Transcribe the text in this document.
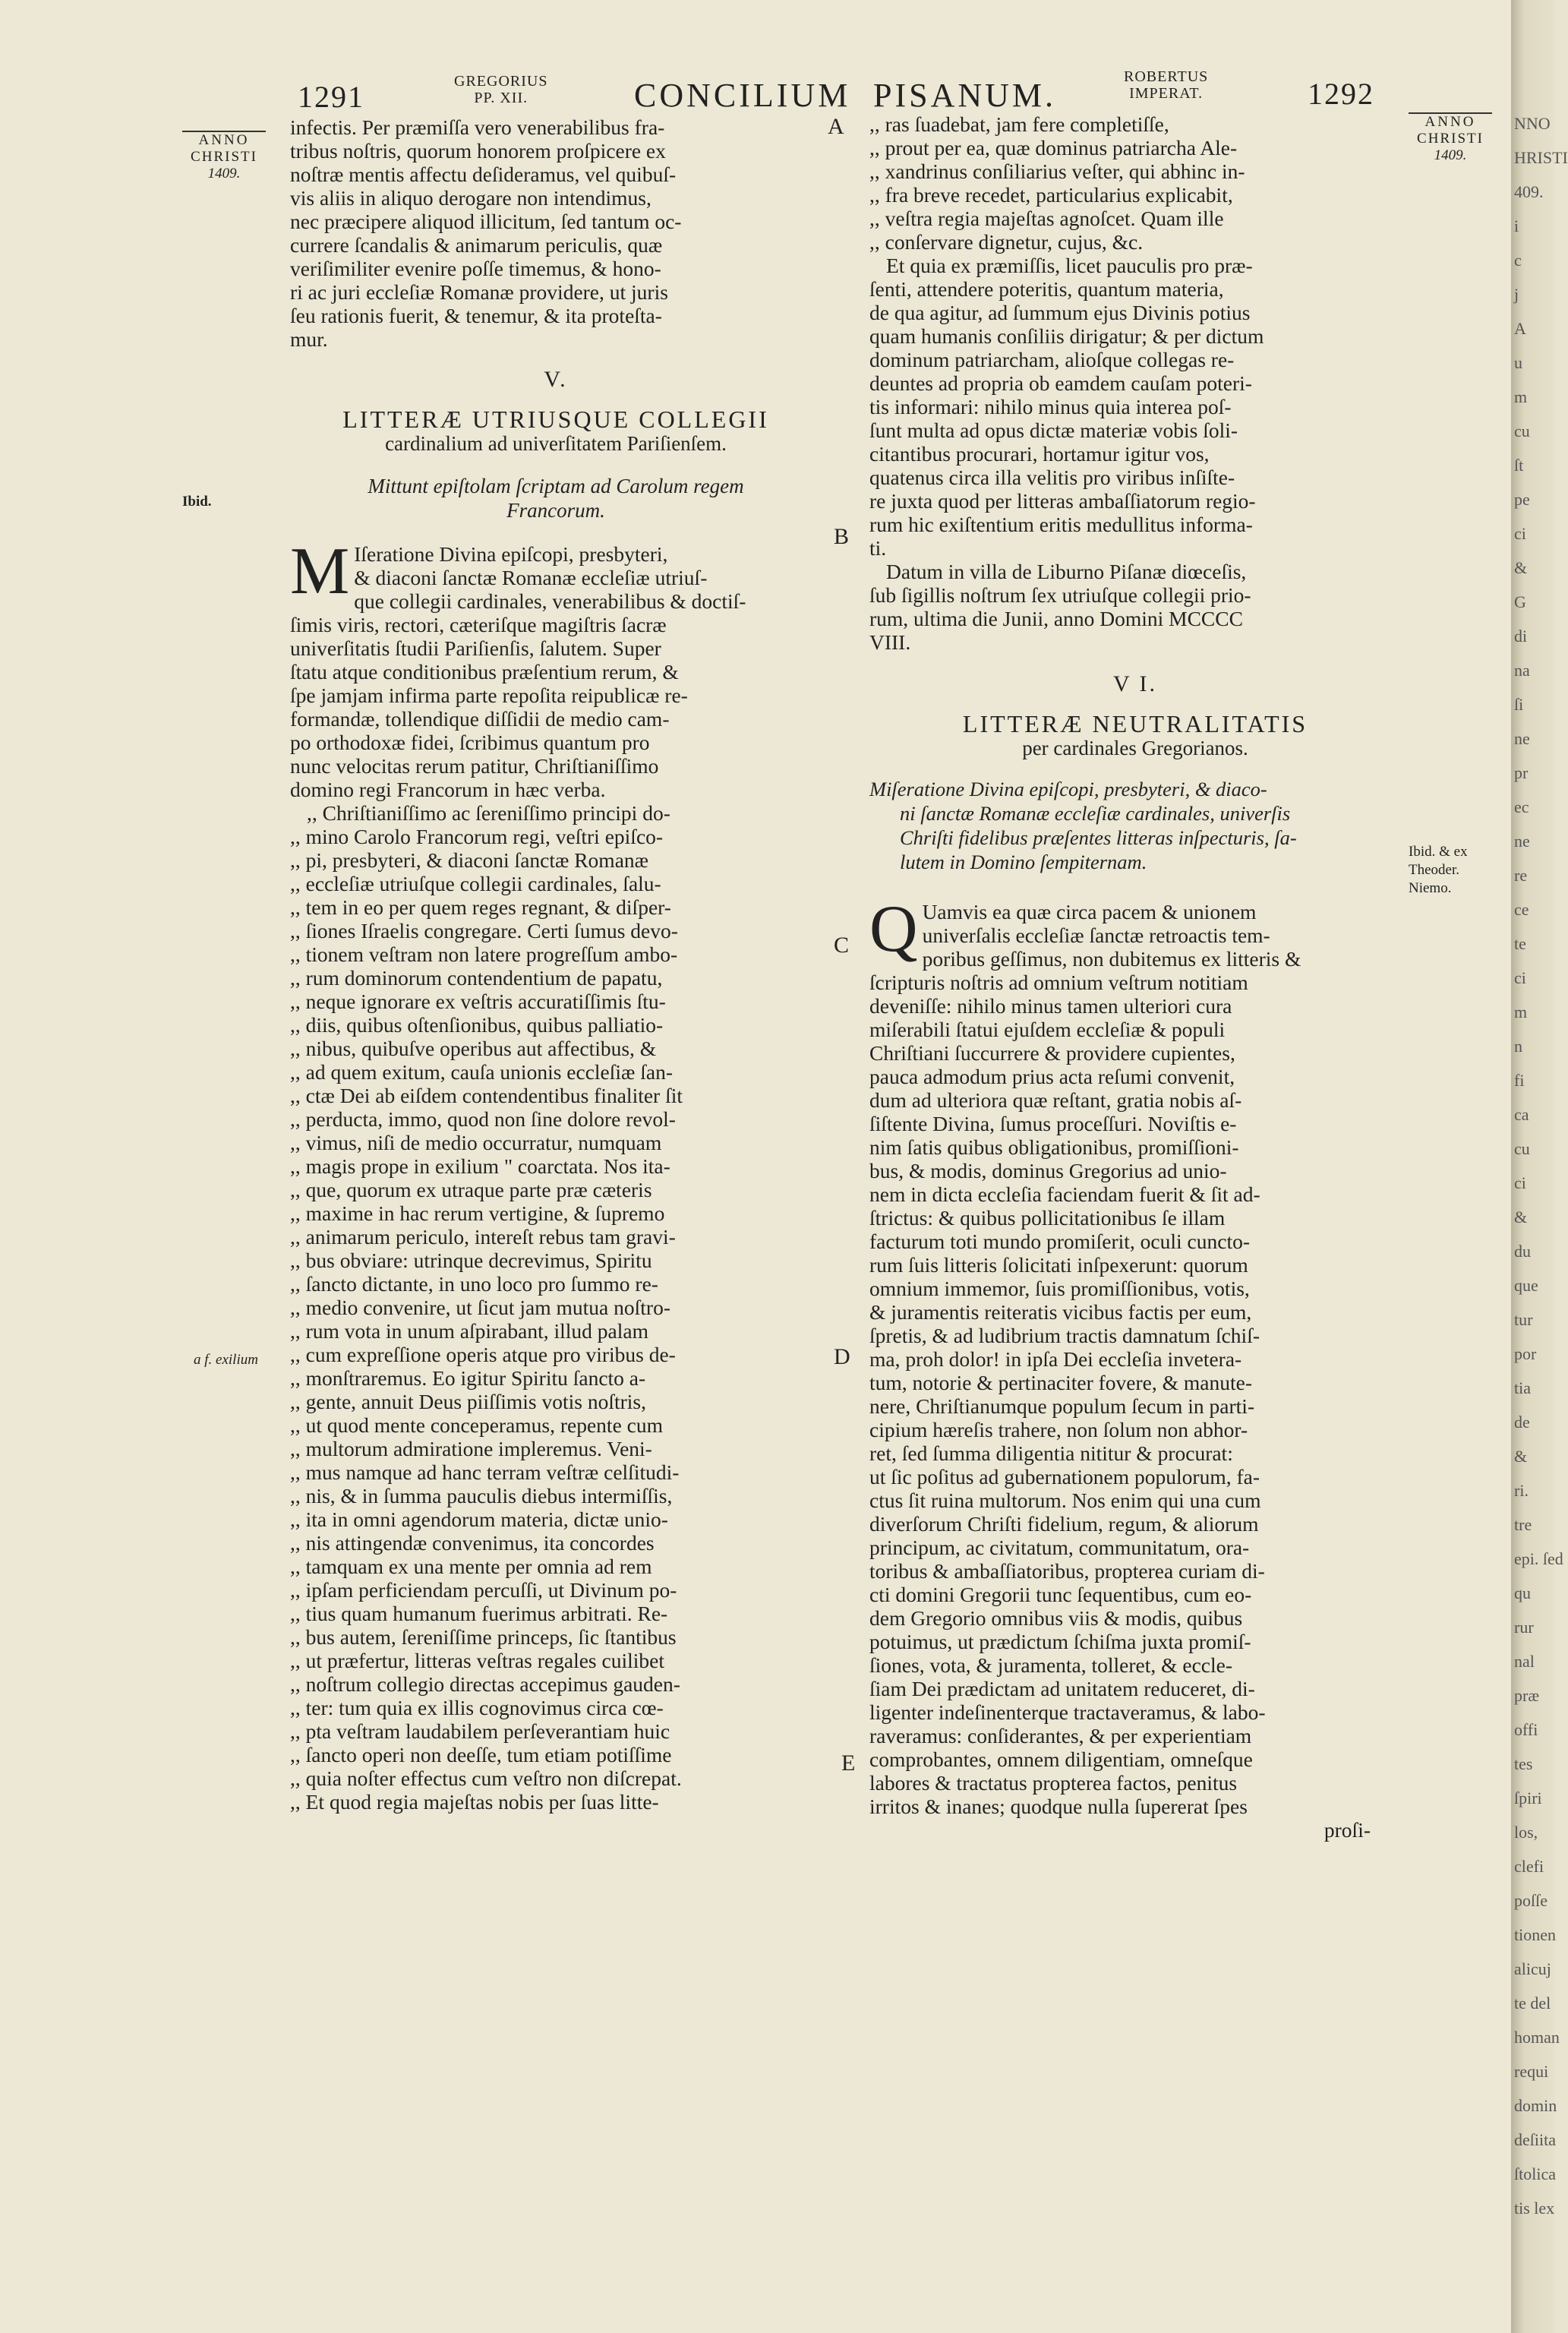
1291	GREGORIUS
PP. XII.	CONCILIUM PISANUM.	ROBERTUS
IMPERAT.	1292
ANNO
CHRISTI
1409.
Ibid.
a f. exilium
ANNO
CHRISTI
1409.
Ibid. & ex
Theoder.
Niemo.
A
B
C
D
E
infectis. Per præmiſſa vero venerabilibus fra-
tribus noſtris, quorum honorem proſpicere ex
noſtræ mentis affectu deſideramus, vel quibuſ-
vis aliis in aliquo derogare non intendimus,
nec præcipere aliquod illicitum, ſed tantum oc-
currere ſcandalis & animarum periculis, quæ
veriſimiliter evenire poſſe timemus, & hono-
ri ac juri eccleſiæ Romanæ providere, ut juris
ſeu rationis fuerit, & tenemur, & ita proteſta-
mur.
V.
LITTERÆ UTRIUSQUE COLLEGII
cardinalium ad univerſitatem Pariſienſem.
Mittunt epiſtolam ſcriptam ad Carolum regem
Francorum.
M Iſeratione Divina epiſcopi, presbyteri,
& diaconi ſanctæ Romanæ eccleſiæ utriuſ-
que collegii cardinales, venerabilibus & doctiſ-
ſimis viris, rectori, cæteriſque magiſtris ſacræ
univerſitatis ſtudii Pariſienſis, ſalutem. Super
ſtatu atque conditionibus præſentium rerum, &
ſpe jamjam infirma parte repoſita reipublicæ re-
formandæ, tollendique diſſidii de medio cam-
po orthodoxæ fidei, ſcribimus quantum pro
nunc velocitas rerum patitur, Chriſtianiſſimo
domino regi Francorum in hæc verba.
,, Chriſtianiſſimo ac ſereniſſimo principi do-
,, mino Carolo Francorum regi, veſtri epiſco-
,, pi, presbyteri, & diaconi ſanctæ Romanæ
,, eccleſiæ utriuſque collegii cardinales, ſalu-
,, tem in eo per quem reges regnant, & diſper-
,, ſiones Iſraelis congregare. Certi ſumus devo-
,, tionem veſtram non latere progreſſum ambo-
,, rum dominorum contendentium de papatu,
,, neque ignorare ex veſtris accuratiſſimis ſtu-
,, diis, quibus oſtenſionibus, quibus palliatio-
,, nibus, quibuſve operibus aut affectibus, &
,, ad quem exitum, cauſa unionis eccleſiæ ſan-
,, ctæ Dei ab eiſdem contendentibus finaliter ſit
,, perducta, immo, quod non ſine dolore revol-
,, vimus, niſi de medio occurratur, numquam
,, magis prope in exilium " coarctata. Nos ita-
,, que, quorum ex utraque parte præ cæteris
,, maxime in hac rerum vertigine, & ſupremo
,, animarum periculo, intereſt rebus tam gravi-
,, bus obviare: utrinque decrevimus, Spiritu
,, ſancto dictante, in uno loco pro ſummo re-
,, medio convenire, ut ſicut jam mutua noſtro-
,, rum vota in unum aſpirabant, illud palam
,, cum expreſſione operis atque pro viribus de-
,, monſtraremus. Eo igitur Spiritu ſancto a-
,, gente, annuit Deus piiſſimis votis noſtris,
,, ut quod mente conceperamus, repente cum
,, multorum admiratione impleremus. Veni-
,, mus namque ad hanc terram veſtræ celſitudi-
,, nis, & in ſumma pauculis diebus intermiſſis,
,, ita in omni agendorum materia, dictæ unio-
,, nis attingendæ convenimus, ita concordes
,, tamquam ex una mente per omnia ad rem
,, ipſam perficiendam percuſſi, ut Divinum po-
,, tius quam humanum fuerimus arbitrati. Re-
,, bus autem, ſereniſſime princeps, ſic ſtantibus
,, ut præfertur, litteras veſtras regales cuilibet
,, noſtrum collegio directas accepimus gauden-
,, ter: tum quia ex illis cognovimus circa cœ-
,, pta veſtram laudabilem perſeverantiam huic
,, ſancto operi non deeſſe, tum etiam potiſſime
,, quia noſter effectus cum veſtro non diſcrepat.
,, Et quod regia majeſtas nobis per ſuas litte-
,, ras ſuadebat, jam fere completiſſe,
,, prout per ea, quæ dominus patriarcha Ale-
,, xandrinus conſiliarius veſter, qui abhinc in-
,, fra breve recedet, particularius explicabit,
,, veſtra regia majeſtas agnoſcet. Quam ille
,, conſervare dignetur, cujus, &c.
Et quia ex præmiſſis, licet pauculis pro præ-
ſenti, attendere poteritis, quantum materia,
de qua agitur, ad ſummum ejus Divinis potius
quam humanis conſiliis dirigatur; & per dictum
dominum patriarcham, alioſque collegas re-
deuntes ad propria ob eamdem cauſam poteri-
tis informari: nihilo minus quia interea poſ-
ſunt multa ad opus dictæ materiæ vobis ſoli-
citantibus procurari, hortamur igitur vos,
quatenus circa illa velitis pro viribus inſiſte-
re juxta quod per litteras ambaſſiatorum regio-
rum hic exiſtentium eritis medullitus informa-
ti.
Datum in villa de Liburno Piſanæ diœceſis,
ſub ſigillis noſtrum ſex utriuſque collegii prio-
rum, ultima die Junii, anno Domini MCCCC
VIII.
V I.
LITTERÆ NEUTRALITATIS
per cardinales Gregorianos.
Miſeratione Divina epiſcopi, presbyteri, & diaco-
ni ſanctæ Romanæ eccleſiæ cardinales, univerſis
Chriſti fidelibus præſentes litteras inſpecturis, ſa-
lutem in Domino ſempiternam.
Q Uamvis ea quæ circa pacem & unionem
univerſalis eccleſiæ ſanctæ retroactis tem-
poribus geſſimus, non dubitemus ex litteris &
ſcripturis noſtris ad omnium veſtrum notitiam
deveniſſe: nihilo minus tamen ulteriori cura
miſerabili ſtatui ejuſdem eccleſiæ & populi
Chriſtiani ſuccurrere & providere cupientes,
pauca admodum prius acta reſumi convenit,
dum ad ulteriora quæ reſtant, gratia nobis aſ-
ſiſtente Divina, ſumus proceſſuri. Noviſtis e-
nim ſatis quibus obligationibus, promiſſioni-
bus, & modis, dominus Gregorius ad unio-
nem in dicta eccleſia faciendam fuerit & ſit ad-
ſtrictus: & quibus pollicitationibus ſe illam
facturum toti mundo promiſerit, oculi cuncto-
rum ſuis litteris ſolicitati inſpexerunt: quorum
omnium immemor, ſuis promiſſionibus, votis,
& juramentis reiteratis vicibus factis per eum,
ſpretis, & ad ludibrium tractis damnatum ſchiſ-
ma, proh dolor! in ipſa Dei eccleſia invetera-
tum, notorie & pertinaciter fovere, & manute-
nere, Chriſtianumque populum ſecum in parti-
cipium hæreſis trahere, non ſolum non abhor-
ret, ſed ſumma diligentia nititur & procurat:
ut ſic poſitus ad gubernationem populorum, fa-
ctus ſit ruina multorum. Nos enim qui una cum
diverſorum Chriſti fidelium, regum, & aliorum
principum, ac civitatum, communitatum, ora-
toribus & ambaſſiatoribus, propterea curiam di-
cti domini Gregorii tunc ſequentibus, cum eo-
dem Gregorio omnibus viis & modis, quibus
potuimus, ut prædictum ſchiſma juxta promiſ-
ſiones, vota, & juramenta, tolleret, & eccle-
ſiam Dei prædictam ad unitatem reduceret, di-
ligenter indeſinenterque tractaveramus, & labo-
raveramus: conſiderantes, & per experientiam
comprobantes, omnem diligentiam, omneſque
labores & tractatus propterea factos, penitus
irritos & inanes; quodque nulla ſupererat ſpes
proſi-
NNO
HRISTI
409.
i
c
j
A
u
m
cu
ſt
pe
ci
&
G
di
na
ſi
ne
pr
ec
ne
re
ce
te
ci
m
n
fi
ca
cu
ci
&
du
que
tur
por
tia
de
&
ri.
tre
epi. ſed
qu
rur
nal
præ
offi
tes
ſpiri
los,
clefi
poſſe
tionen
alicuj
te del
homan
requi
domin
deſiita
ſtolica
tis lex
